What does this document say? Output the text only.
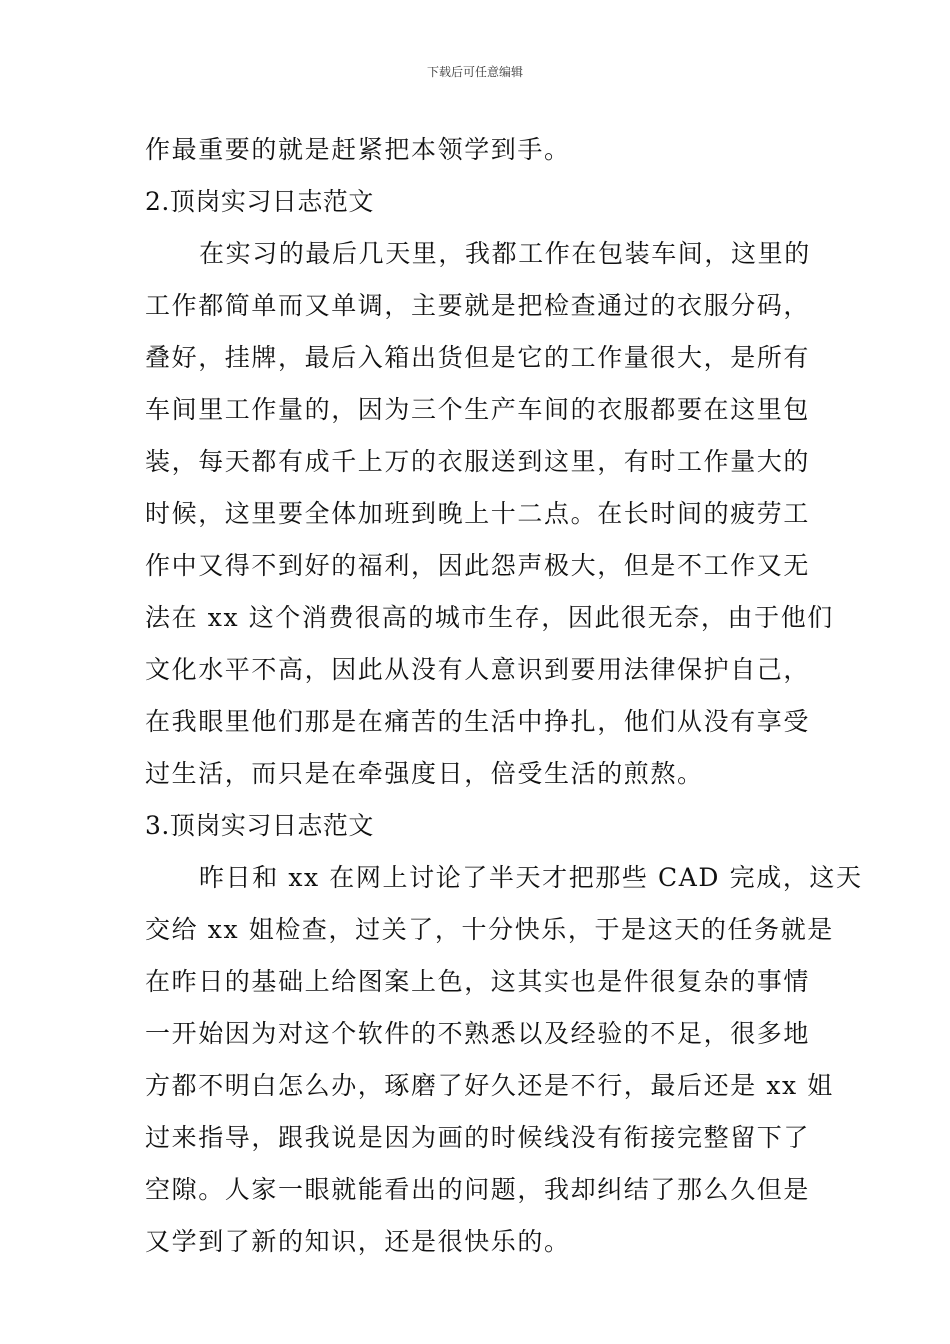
下载后可任意编辑
作最重要的就是赶紧把本领学到手。
2.顶岗实习日志范文
在实习的最后几天里，我都工作在包装车间，这里的
工作都简单而又单调，主要就是把检查通过的衣服分码，
叠好，挂牌，最后入箱出货但是它的工作量很大，是所有
车间里工作量的，因为三个生产车间的衣服都要在这里包
装，每天都有成千上万的衣服送到这里，有时工作量大的
时候，这里要全体加班到晚上十二点。在长时间的疲劳工
作中又得不到好的福利，因此怨声极大，但是不工作又无
法在 xx 这个消费很高的城市生存，因此很无奈，由于他们
文化水平不高，因此从没有人意识到要用法律保护自己，
在我眼里他们那是在痛苦的生活中挣扎，他们从没有享受
过生活，而只是在牵强度日，倍受生活的煎熬。
3.顶岗实习日志范文
昨日和 xx 在网上讨论了半天才把那些 CAD 完成，这天
交给 xx 姐检查，过关了，十分快乐，于是这天的任务就是
在昨日的基础上给图案上色，这其实也是件很复杂的事情
一开始因为对这个软件的不熟悉以及经验的不足，很多地
方都不明白怎么办，琢磨了好久还是不行，最后还是 xx 姐
过来指导，跟我说是因为画的时候线没有衔接完整留下了
空隙。人家一眼就能看出的问题，我却纠结了那么久但是
又学到了新的知识，还是很快乐的。
